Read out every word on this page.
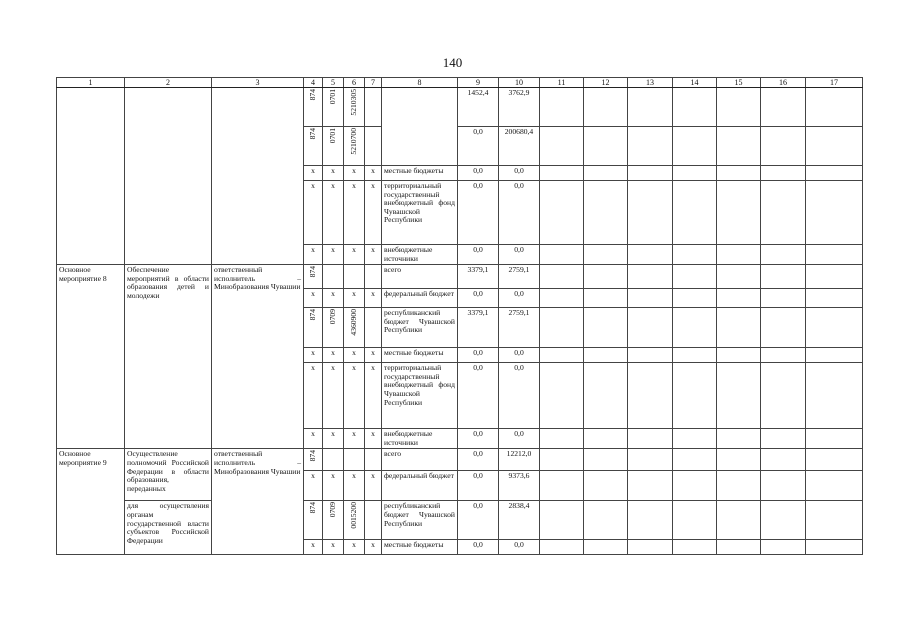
140
1	2	3	4	5	6	7	8	9	10	11	12	13	14	15	16	17
			874	0701	5210305			1452,4	3762,9							
			874	0701	5210700			0,0	200680,4							
			х	х	х	х	местные бюджеты	0,0	0,0							
			х	х	х	х	территориальный государственный внебюджетный фонд Чувашской Республики	0,0	0,0							
			х	х	х	х	внебюджетные источники	0,0	0,0							
Основное мероприятие 8	Обеспечение мероприятий в области образования детей и молодежи	ответственный исполнитель – Минобразования Чувашии	874				всего	3379,1	2759,1							
			х	х	х	х	федеральный бюджет	0,0	0,0							
			874	0709	4360900		республиканский бюджет Чувашской Республики	3379,1	2759,1							
			х	х	х	х	местные бюджеты	0,0	0,0							
			х	х	х	х	территориальный государственный внебюджетный фонд Чувашской Республики	0,0	0,0							
			х	х	х	х	внебюджетные источники	0,0	0,0							
Основное мероприятие 9	Осуществление полномочий Российской Федерации в области образования, переданных	ответственный исполнитель – Минобразования Чувашии	874				всего	0,0	12212,0							
			х	х	х	х	федеральный бюджет	0,0	9373,6							
	для осуществления органам государственной власти субъектов Российской Федерации		874	0709	0015200		республиканский бюджет Чувашской Республики	0,0	2838,4							
			х	х	х	х	местные бюджеты	0,0	0,0							
